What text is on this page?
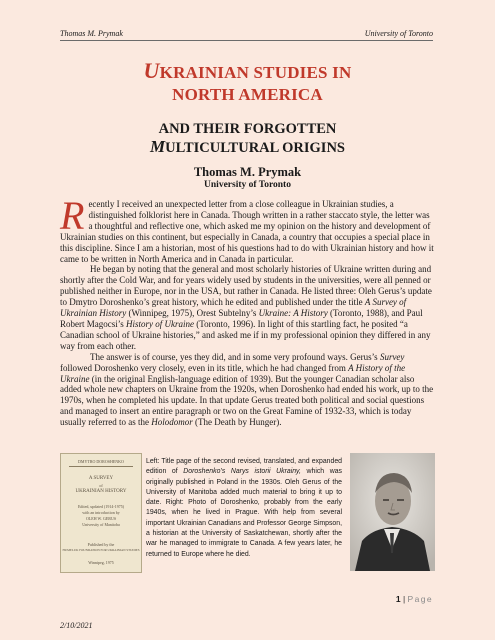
Thomas M. Prymak	University of Toronto
UKRAINIAN STUDIES IN
NORTH AMERICA
AND THEIR FORGOTTEN
MULTICULTURAL ORIGINS
Thomas M. Prymak
University of Toronto

Recently I received an unexpected letter from a close colleague in Ukrainian studies, a distinguished folklorist here in Canada. Though written in a rather staccato style, the letter was a thoughtful and reflective one, which asked me my opinion on the history and development of Ukrainian studies on this continent, but especially in Canada, a country that occupies a special place in this discipline. Since I am a historian, most of his questions had to do with Ukrainian history and how it came to be written in North America and in Canada in particular.

He began by noting that the general and most scholarly histories of Ukraine written during and shortly after the Cold War, and for years widely used by students in the universities, were all penned or published neither in Europe, nor in the USA, but rather in Canada. He listed three: Oleh Gerus’s update to Dmytro Doroshenko’s great history, which he edited and published under the title A Survey of Ukrainian History (Winnipeg, 1975), Orest Subtelny’s Ukraine: A History (Toronto, 1988), and Paul Robert Magocsi’s History of Ukraine (Toronto, 1996). In light of this startling fact, he posited “a Canadian school of Ukraine histories,” and asked me if in my professional opinion they differed in any way from each other.

The answer is of course, yes they did, and in some very profound ways. Gerus’s Survey followed Doroshenko very closely, even in its title, which he had changed from A History of the Ukraine (in the original English-language edition of 1939). But the younger Canadian scholar also added whole new chapters on Ukraine from the 1920s, when Doroshenko had ended his work, up to the 1970s, when he completed his update. In that update Gerus treated both political and social questions and managed to insert an entire paragraph or two on the Great Famine of 1932-33, which is today usually referred to as the Holodomor (The Death by Hunger).

DMYTRO DOROSHENKO
A SURVEY
of
UKRAINIAN HISTORY
Edited, updated (1914-1975)
with an introduction by
OLEH W. GERUS
University of Manitoba
Published by the
HUMELUK FOUNDATION FOR UKRAINIAN STUDIES
Winnipeg, 1975
Left: Title page of the second revised, translated, and expanded edition of Doroshenko’s Narys istorii Ukrainy, which was originally published in Poland in the 1930s. Oleh Gerus of the University of Manitoba added much material to bring it up to date. Right: Photo of Doroshenko, probably from the early 1940s, when he lived in Prague. With help from several important Ukrainian Canadians and Professor George Simpson, a historian at the University of Saskatchewan, shortly after the war he managed to immigrate to Canada. A few years later, he returned to Europe where he died.
1 | Page
2/10/2021
